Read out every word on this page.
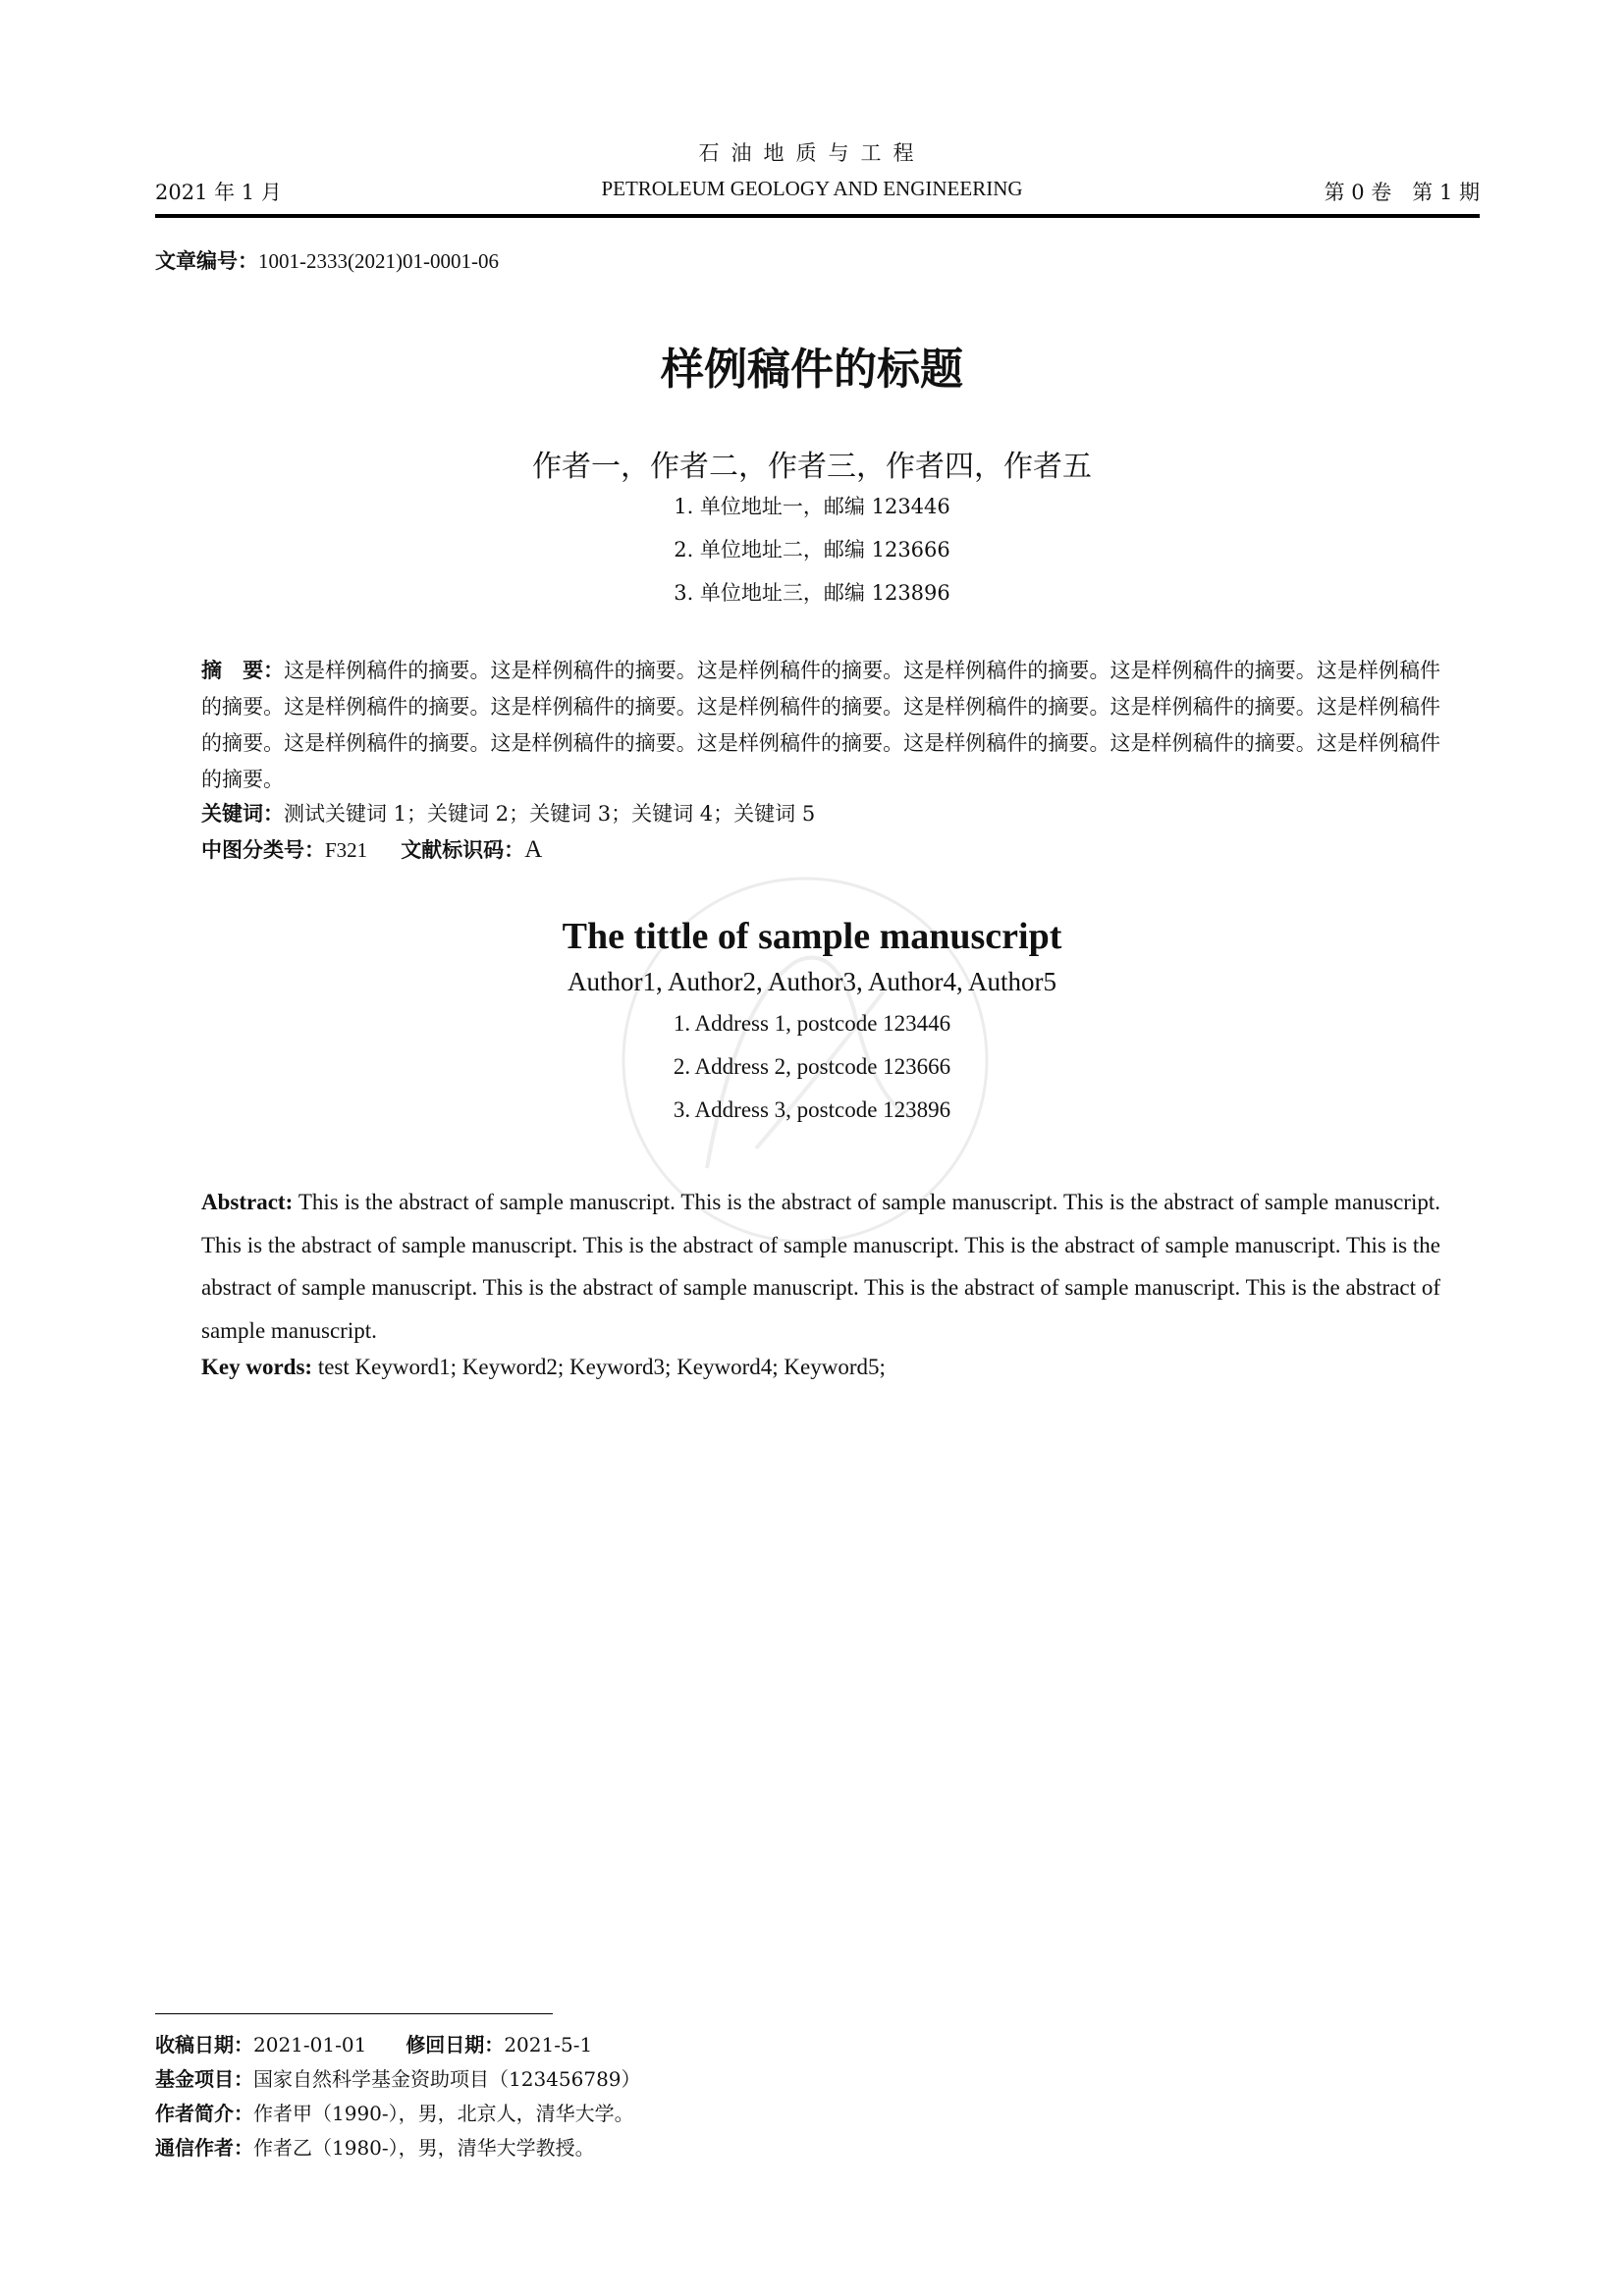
石油地质与工程
2021 年 1 月	PETROLEUM GEOLOGY AND ENGINEERING	第 0 卷　第 1 期
文章编号：1001-2333(2021)01-0001-06
样例稿件的标题
作者一，作者二，作者三，作者四，作者五
1. 单位地址一，邮编 123446
2. 单位地址二，邮编 123666
3. 单位地址三，邮编 123896
摘　要：这是样例稿件的摘要。这是样例稿件的摘要。这是样例稿件的摘要。这是样例稿件的摘要。这是样例稿件的摘要。这是样例稿件的摘要。这是样例稿件的摘要。这是样例稿件的摘要。这是样例稿件的摘要。这是样例稿件的摘要。这是样例稿件的摘要。这是样例稿件的摘要。这是样例稿件的摘要。这是样例稿件的摘要。这是样例稿件的摘要。这是样例稿件的摘要。这是样例稿件的摘要。这是样例稿件的摘要。
关键词：测试关键词 1；关键词 2；关键词 3；关键词 4；关键词 5
中图分类号：F321 文献标识码：A
The tittle of sample manuscript
Author1, Author2, Author3, Author4, Author5
1. Address 1, postcode 123446
2. Address 2, postcode 123666
3. Address 3, postcode 123896
Abstract: This is the abstract of sample manuscript. This is the abstract of sample manuscript. This is the abstract of sample manuscript. This is the abstract of sample manuscript. This is the abstract of sample manuscript. This is the abstract of sample manuscript. This is the abstract of sample manuscript. This is the abstract of sample manuscript. This is the abstract of sample manuscript. This is the abstract of sample manuscript.
Key words: test Keyword1; Keyword2; Keyword3; Keyword4; Keyword5;
收稿日期：2021-01-01 修回日期：2021-5-1
基金项目：国家自然科学基金资助项目（123456789）
作者简介：作者甲（1990-），男，北京人，清华大学。
通信作者：作者乙（1980-），男，清华大学教授。
